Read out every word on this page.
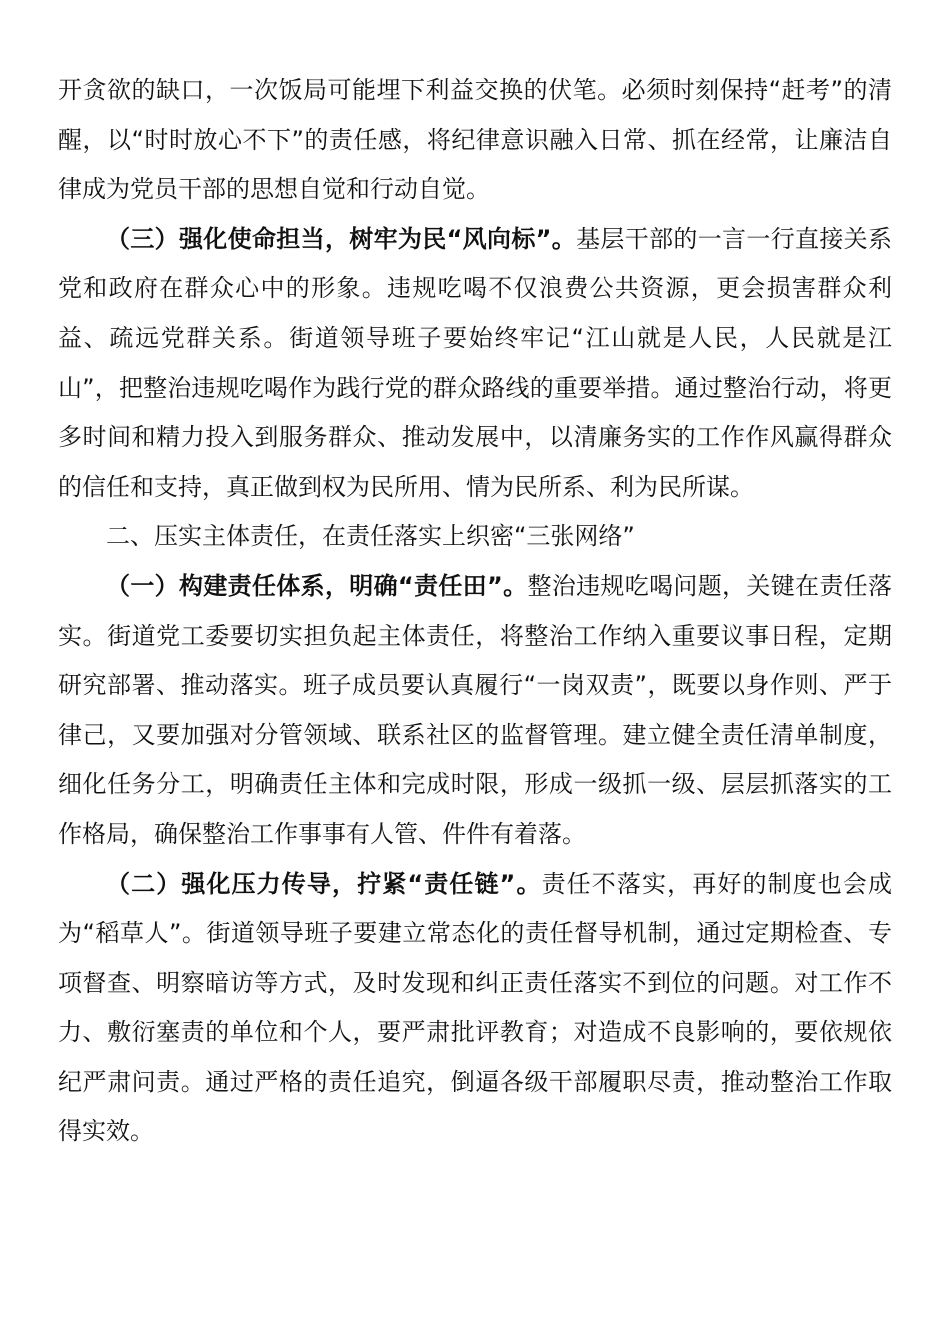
开贪欲的缺口，一次饭局可能埋下利益交换的伏笔。必须时刻保持“赶考”的清醒，以“时时放心不下”的责任感，将纪律意识融入日常、抓在经常，让廉洁自律成为党员干部的思想自觉和行动自觉。

（三）强化使命担当，树牢为民“风向标”。基层干部的一言一行直接关系党和政府在群众心中的形象。违规吃喝不仅浪费公共资源，更会损害群众利益、疏远党群关系。街道领导班子要始终牢记“江山就是人民，人民就是江山”，把整治违规吃喝作为践行党的群众路线的重要举措。通过整治行动，将更多时间和精力投入到服务群众、推动发展中，以清廉务实的工作作风赢得群众的信任和支持，真正做到权为民所用、情为民所系、利为民所谋。

二、压实主体责任，在责任落实上织密“三张网络”

（一）构建责任体系，明确“责任田”。整治违规吃喝问题，关键在责任落实。街道党工委要切实担负起主体责任，将整治工作纳入重要议事日程，定期研究部署、推动落实。班子成员要认真履行“一岗双责”，既要以身作则、严于律己，又要加强对分管领域、联系社区的监督管理。建立健全责任清单制度，细化任务分工，明确责任主体和完成时限，形成一级抓一级、层层抓落实的工作格局，确保整治工作事事有人管、件件有着落。

（二）强化压力传导，拧紧“责任链”。责任不落实，再好的制度也会成为“稻草人”。街道领导班子要建立常态化的责任督导机制，通过定期检查、专项督查、明察暗访等方式，及时发现和纠正责任落实不到位的问题。对工作不力、敷衍塞责的单位和个人，要严肃批评教育；对造成不良影响的，要依规依纪严肃问责。通过严格的责任追究，倒逼各级干部履职尽责，推动整治工作取得实效。
